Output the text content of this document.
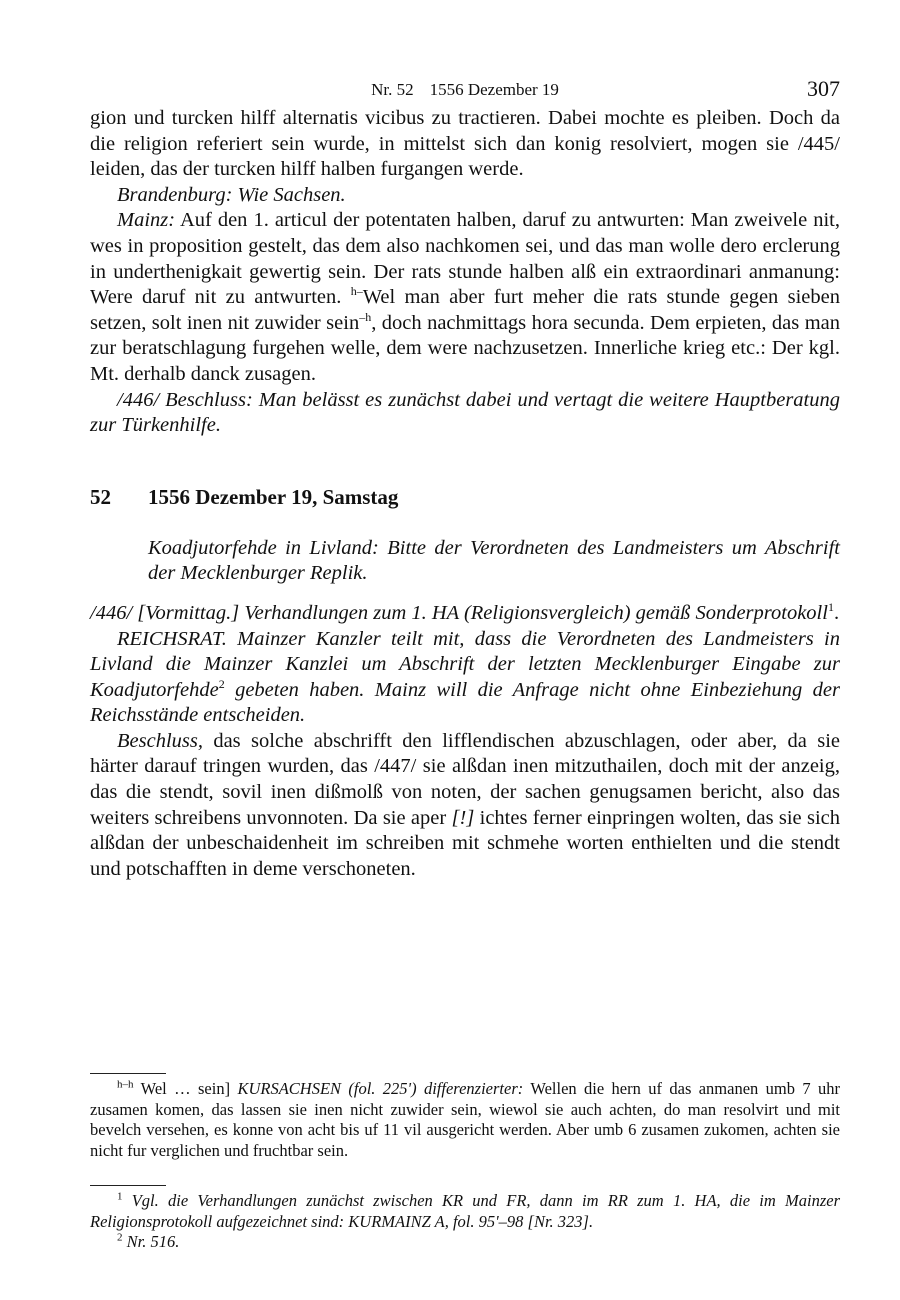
Nr. 52 1556 Dezember 19	307

gion und turcken hilff alternatis vicibus zu tractieren. Dabei mochte es pleiben. Doch da die religion referiert sein wurde, in mittelst sich dan konig resolviert, mogen sie /445/ leiden, das der turcken hilff halben furgangen werde.

Brandenburg: Wie Sachsen.

Mainz: Auf den 1. articul der potentaten halben, daruf zu antwurten: Man zweivele nit, wes in proposition gestelt, das dem also nachkomen sei, und das man wolle dero erclerung in underthenigkait gewertig sein. Der rats stunde halben alß ein extraordinari anmanung: Were daruf nit zu antwurten. $^{h-}$Wel man aber furt meher die rats stunde gegen sieben setzen, solt inen nit zuwider sein$^{-h}$, doch nachmittags hora secunda. Dem erpieten, das man zur beratschlagung furgehen welle, dem were nachzusetzen. Innerliche krieg etc.: Der kgl. Mt. derhalb danck zusagen.

/446/ Beschluss: Man belässt es zunächst dabei und vertagt die weitere Hauptberatung zur Türkenhilfe.

52 1556 Dezember 19, Samstag

Koadjutorfehde in Livland: Bitte der Verordneten des Landmeisters um Abschrift der Mecklenburger Replik.

/446/ [Vormittag.] Verhandlungen zum 1. HA (Religionsvergleich) gemäß Sonderprotokoll$^1$.

REICHSRAT. Mainzer Kanzler teilt mit, dass die Verordneten des Landmeisters in Livland die Mainzer Kanzlei um Abschrift der letzten Mecklenburger Eingabe zur Koadjutorfehde$^2$ gebeten haben. Mainz will die Anfrage nicht ohne Einbeziehung der Reichsstände entscheiden.

Beschluss, das solche abschrifft den lifflendischen abzuschlagen, oder aber, da sie härter darauf tringen wurden, das /447/ sie alßdan inen mitzuthailen, doch mit der anzeig, das die stendt, sovil inen dißmolß von noten, der sachen genugsamen bericht, also das weiters schreibens unvonnoten. Da sie aper [!] ichtes ferner einpringen wolten, das sie sich alßdan der unbeschaidenheit im schreiben mit schmehe worten enthielten und die stendt und potschafften in deme verschoneten.

$^{h-h}$ Wel … sein] KURSACHSEN (fol. 225') differenzierter: Wellen die hern uf das anmanen umb 7 uhr zusamen komen, das lassen sie inen nicht zuwider sein, wiewol sie auch achten, do man resolvirt und mit bevelch versehen, es konne von acht bis uf 11 vil ausgericht werden. Aber umb 6 zusamen zukomen, achten sie nicht fur verglichen und fruchtbar sein.

$^1$ Vgl. die Verhandlungen zunächst zwischen KR und FR, dann im RR zum 1. HA, die im Mainzer Religionsprotokoll aufgezeichnet sind: KURMAINZ A, fol. 95'–98 [Nr. 323].

$^2$ Nr. 516.
